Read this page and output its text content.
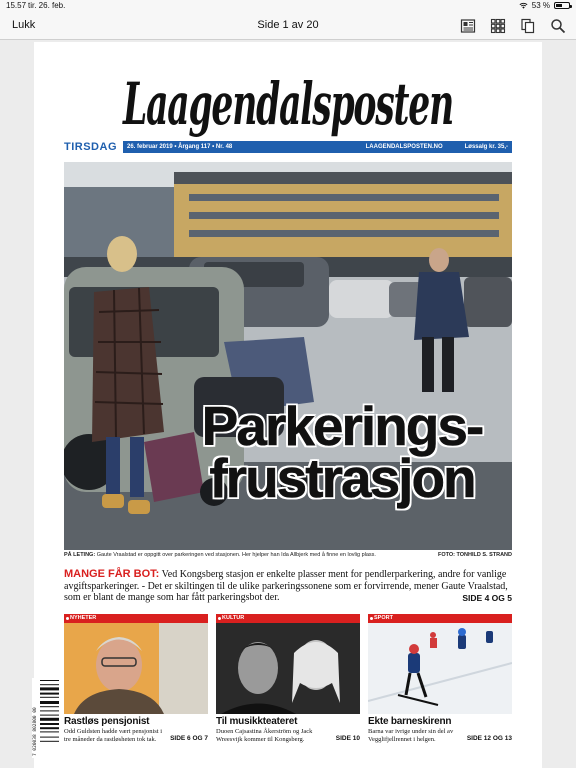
15.57 tir. 26. feb.	53 %
Lukk	Side 1 av 20
Laagendalsposten
TIRSDAG	26. februar 2019 • Årgang 117 • Nr. 48	LAAGENDALSPOSTEN.NO	Løssalg kr. 35,-
Parkerings-
frustrasjon
PÅ LETING: Gaute Vraalstad er oppgitt over parkeringen ved stasjonen. Her hjelper han Ida Allbjerk med å finne en lovlig plass.	FOTO: TONHILD S. STRAND
MANGE FÅR BOT: Ved Kongsberg stasjon er enkelte plasser ment for pendlerparkering, andre for vanlige avgiftsparkeringer. - Det er skiltingen til de ulike parkeringssonene som er forvirrende, mener Gaute Vraalstad, som er blant de mange som har fått parkeringsbot der.	SIDE 4 OG 5
NYHETER
Rastløs pensjonist
Odd Guldsten hadde vært pensjonist i tre måneder da rastløsheten tok tak.	SIDE 6 OG 7
KULTUR
Til musikkteateret
Duoen Cajsastina Åkerström og Jack Wreesvijk kommer til Kongsberg.	SIDE 10
SPORT
Ekte barneskirenn
Barna var ivrige under sin del av Vegglifjellrennet i helgen.	SIDE 12 OG 13
7 020038 802800 00
